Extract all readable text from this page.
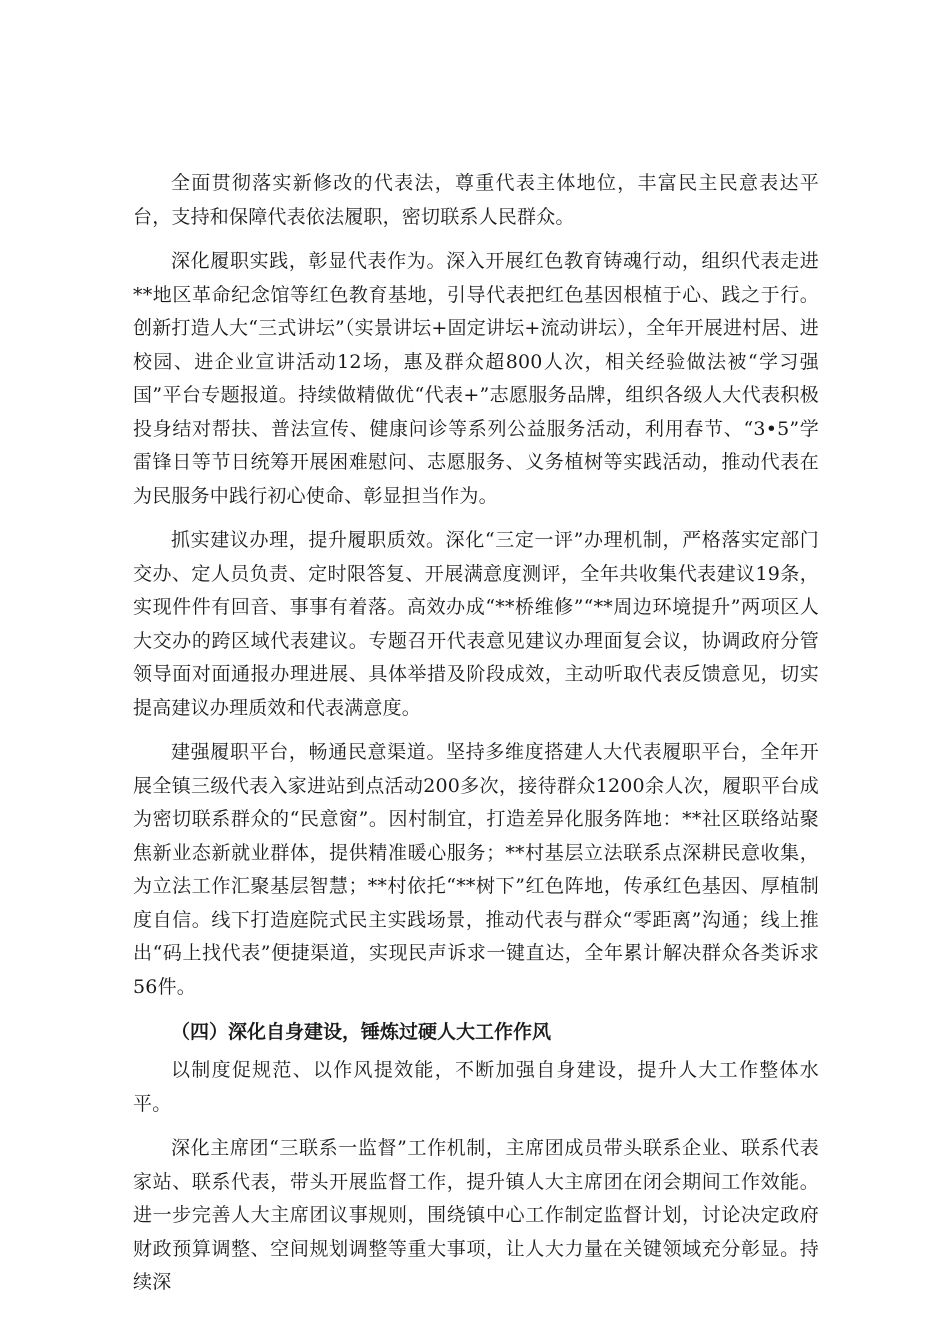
全面贯彻落实新修改的代表法，尊重代表主体地位，丰富民主民意表达平台，支持和保障代表依法履职，密切联系人民群众。

深化履职实践，彰显代表作为。深入开展红色教育铸魂行动，组织代表走进**地区革命纪念馆等红色教育基地，引导代表把红色基因根植于心、践之于行。创新打造人大“三式讲坛”（实景讲坛+固定讲坛+流动讲坛），全年开展进村居、进校园、进企业宣讲活动12场，惠及群众超800人次，相关经验做法被“学习强国”平台专题报道。持续做精做优“代表+”志愿服务品牌，组织各级人大代表积极投身结对帮扶、普法宣传、健康问诊等系列公益服务活动，利用春节、“3•5”学雷锋日等节日统筹开展困难慰问、志愿服务、义务植树等实践活动，推动代表在为民服务中践行初心使命、彰显担当作为。

抓实建议办理，提升履职质效。深化“三定一评”办理机制，严格落实定部门交办、定人员负责、定时限答复、开展满意度测评，全年共收集代表建议19条，实现件件有回音、事事有着落。高效办成“**桥维修”“**周边环境提升”两项区人大交办的跨区域代表建议。专题召开代表意见建议办理面复会议，协调政府分管领导面对面通报办理进展、具体举措及阶段成效，主动听取代表反馈意见，切实提高建议办理质效和代表满意度。

建强履职平台，畅通民意渠道。坚持多维度搭建人大代表履职平台，全年开展全镇三级代表入家进站到点活动200多次，接待群众1200余人次，履职平台成为密切联系群众的“民意窗”。因村制宜，打造差异化服务阵地：**社区联络站聚焦新业态新就业群体，提供精准暖心服务；**村基层立法联系点深耕民意收集，为立法工作汇聚基层智慧；**村依托“**树下”红色阵地，传承红色基因、厚植制度自信。线下打造庭院式民主实践场景，推动代表与群众“零距离”沟通；线上推出“码上找代表”便捷渠道，实现民声诉求一键直达，全年累计解决群众各类诉求56件。

（四）深化自身建设，锤炼过硬人大工作作风

以制度促规范、以作风提效能，不断加强自身建设，提升人大工作整体水平。

深化主席团“三联系一监督”工作机制，主席团成员带头联系企业、联系代表家站、联系代表，带头开展监督工作，提升镇人大主席团在闭会期间工作效能。进一步完善人大主席团议事规则，围绕镇中心工作制定监督计划，讨论决定政府财政预算调整、空间规划调整等重大事项，让人大力量在关键领域充分彰显。持续深
